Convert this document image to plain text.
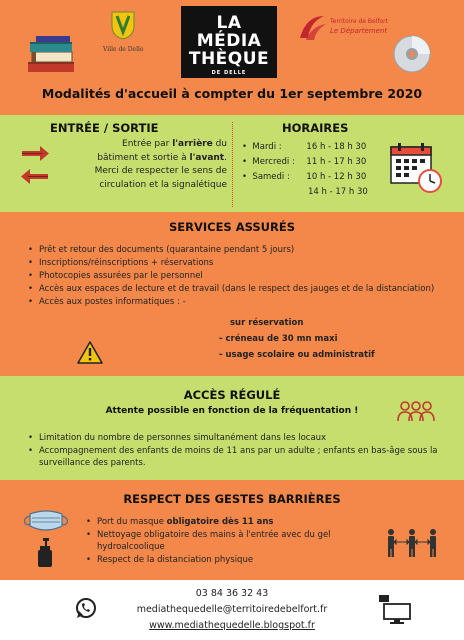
Ville de Delle
LA MÉDIA
THÈQUE
DE DELLE
Territoire de Belfort
Le Département
Modalités d'accueil à compter du 1er septembre 2020
ENTRÉE / SORTIE
Entrée par l'arrière du
bâtiment et sortie à l'avant.
Merci de respecter le sens de
circulation et la signalétique
HORAIRES
•  Mardi :	16 h - 18 h 30
•  Mercredi : 11 h - 17 h 30
•  Samedi : 10 h - 12 h 30
14 h - 17 h 30
SERVICES ASSURÉS
• Prêt et retour des documents (quarantaine pendant 5 jours)
• Inscriptions/réinscriptions + réservations
• Photocopies assurées par le personnel
• Accès aux espaces de lecture et de travail (dans le respect des jauges et de la distanciation)
• Accès aux postes informatiques : -
sur réservation
- créneau de 30 mn maxi
- usage scolaire ou administratif
ACCÈS RÉGULÉ
Attente possible en fonction de la fréquentation !
• Limitation du nombre de personnes simultanément dans les locaux
• Accompagnement des enfants de moins de 11 ans par un adulte ; enfants en bas-âge sous la surveillance des parents.
RESPECT DES GESTES BARRIÈRES
• Port du masque obligatoire dès 11 ans
• Nettoyage obligatoire des mains à l'entrée avec du gel hydroalcoolique
• Respect de la distanciation physique
03 84 36 32 43
mediathequedelle@territoiredebelfort.fr
www.mediathequedelle.blogspot.fr
